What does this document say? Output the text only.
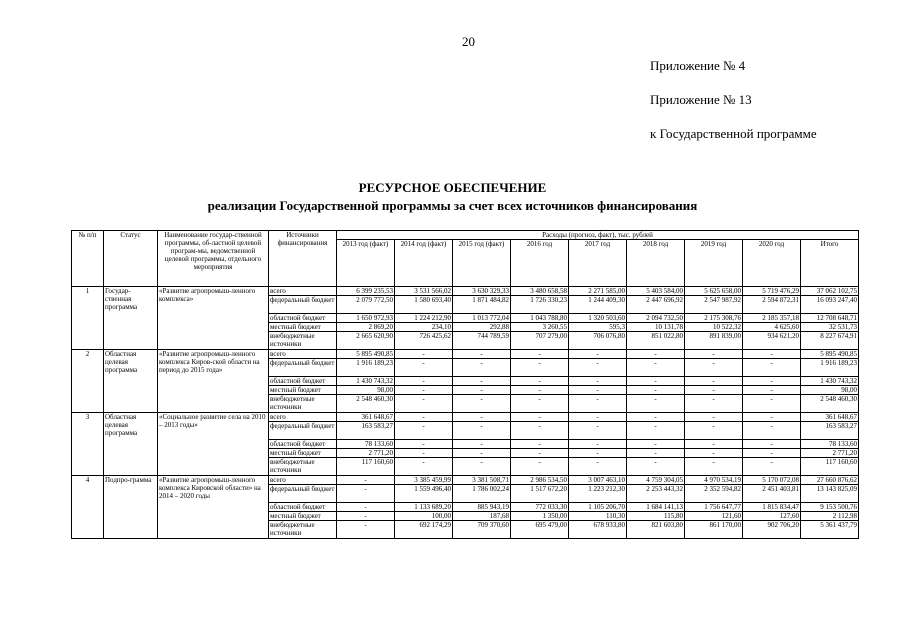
20
Приложение № 4
Приложение № 13
к Государственной программе
РЕСУРСНОЕ ОБЕСПЕЧЕНИЕ
реализации Государственной программы за счет всех источников финансирования
№ п/п	Статус	Наименование государ-ственной программы, об-ластной целевой програм-мы, ведомственной целевой программы, отдельного мероприятия	Источники финансирования	Расходы (прогноз, факт), тыс. рублей								
				2013 год (факт)	2014 год (факт)	2015 год (факт)	2016 год	2017 год	2018 год	2019 год	2020 год	Итого
1	Государ-ственная программа	«Развитие агропромыш-ленного комплекса»	всего	6 399 235,53	3 531 566,02	3 630 329,33	3 480 658,58	2 271 585,00	5 403 584,00	5 625 658,00	5 719 476,29	37 062 102,75
			федеральный бюджет	2 079 772,50	1 580 693,40	1 871 484,82	1 726 330,23	1 244 409,30	2 447 696,92	2 547 987,92	2 594 872,31	16 093 247,40
			областной бюджет	1 650 972,93	1 224 212,90	1 013 772,04	1 043 788,80	1 320 503,60	2 094 732,50	2 175 308,76	2 185 357,18	12 708 648,71
			местный бюджет	2 869,20	234,10	292,88	3 260,55	595,3	10 131,78	10 522,32	4 625,60	32 531,73
			внебюджетные источники	2 665 620,90	726 425,62	744 789,59	707 279,00	706 076,80	851 022,80	891 839,00	934 621,20	8 227 674,91
2	Областная целевая программа	«Развитие агропромыш-ленного комплекса Киров-ской области на период до 2015 года»	всего	5 895 490,85	-	-	-	-	-	-	-	5 895 490,85
			федеральный бюджет	1 916 189,23	-	-	-	-	-	-	-	1 916 189,23
			областной бюджет	1 430 743,32	-	-	-	-	-	-	-	1 430 743,32
			местный бюджет	98,00	-	-	-	-	-	-	-	98,00
			внебюджетные источники	2 548 460,30	-	-	-	-	-	-	-	2 548 460,30
3	Областная целевая программа	«Социальное развитие села на 2010 – 2013 годы»	всего	361 648,67	-	-	-	-	-	-	-	361 648,67
			федеральный бюджет	163 583,27	-	-	-	-	-	-	-	163 583,27
			областной бюджет	78 133,60	-	-	-	-	-	-	-	78 133,60
			местный бюджет	2 771,20	-	-	-	-	-	-	-	2 771,20
			внебюджетные источники	117 160,60	-	-	-	-	-	-	-	117 160,60
4	Подпро-грамма	«Развитие агропромыш-ленного комплекса Кировской области» на 2014 – 2020 годы	всего	-	3 385 459,99	3 381 508,71	2 986 534,50	3 007 463,10	4 759 304,05	4 970 534,19	5 170 072,08	27 660 876,62
			федеральный бюджет	-	1 559 496,40	1 786 002,24	1 517 672,20	1 223 212,30	2 253 443,32	2 352 594,82	2 451 403,81	13 143 825,09
			областной бюджет	-	1 133 689,20	885 943,19	772 033,30	1 105 206,70	1 684 141,13	1 756 647,77	1 815 834,47	9 153 500,76
			местный бюджет	-	100,00	187,68	1 350,00	110,30	115,80	121,60	127,60	2 112,98
			внебюджетные источники	-	692 174,29	709 370,60	695 479,00	678 933,80	821 603,80	861 170,00	902 706,20	5 361 437,79
